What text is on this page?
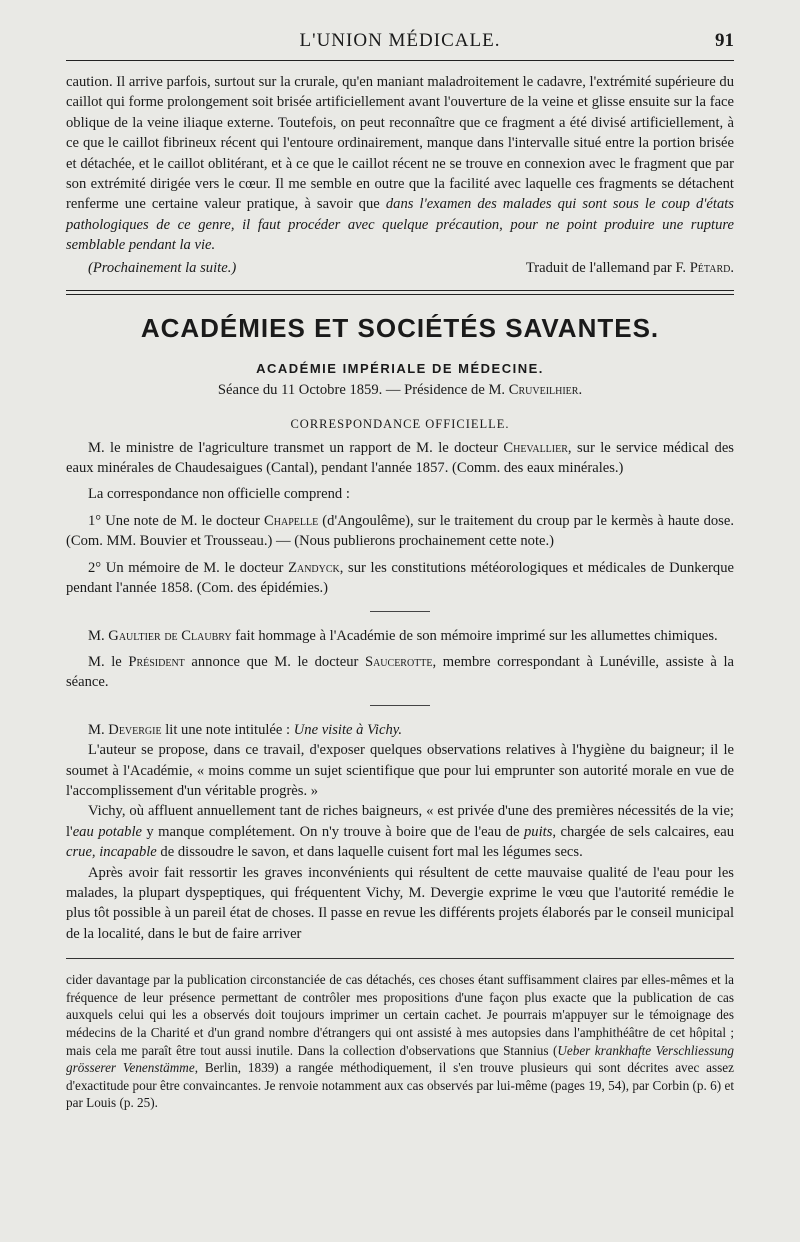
L'UNION MÉDICALE.	91

caution. Il arrive parfois, surtout sur la crurale, qu'en maniant maladroitement le cadavre, l'extrémité supérieure du caillot qui forme prolongement soit brisée artificiellement avant l'ouverture de la veine et glisse ensuite sur la face oblique de la veine iliaque externe. Toutefois, on peut reconnaître que ce fragment a été divisé artificiellement, à ce que le caillot fibrineux récent qui l'entoure ordinairement, manque dans l'intervalle situé entre la portion brisée et détachée, et le caillot oblitérant, et à ce que le caillot récent ne se trouve en connexion avec le fragment que par son extrémité dirigée vers le cœur. Il me semble en outre que la facilité avec laquelle ces fragments se détachent renferme une certaine valeur pratique, à savoir que dans l'examen des malades qui sont sous le coup d'états pathologiques de ce genre, il faut procéder avec quelque précaution, pour ne point produire une rupture semblable pendant la vie.

(Prochainement la suite.)	Traduit de l'allemand par F. Pétard.
ACADÉMIES ET SOCIÉTÉS SAVANTES.
ACADÉMIE IMPÉRIALE DE MÉDECINE.
Séance du 11 Octobre 1859. — Présidence de M. Cruveilhier.
CORRESPONDANCE OFFICIELLE.

M. le ministre de l'agriculture transmet un rapport de M. le docteur Chevallier, sur le service médical des eaux minérales de Chaudesaigues (Cantal), pendant l'année 1857. (Comm. des eaux minérales.)

La correspondance non officielle comprend :

1° Une note de M. le docteur Chapelle (d'Angoulême), sur le traitement du croup par le kermès à haute dose. (Com. MM. Bouvier et Trousseau.) — (Nous publierons prochainement cette note.)

2° Un mémoire de M. le docteur Zandyck, sur les constitutions météorologiques et médicales de Dunkerque pendant l'année 1858. (Com. des épidémies.)

M. Gaultier de Claubry fait hommage à l'Académie de son mémoire imprimé sur les allumettes chimiques.

M. le Président annonce que M. le docteur Saucerotte, membre correspondant à Lunéville, assiste à la séance.

M. Devergie lit une note intitulée : Une visite à Vichy.

L'auteur se propose, dans ce travail, d'exposer quelques observations relatives à l'hygiène du baigneur; il le soumet à l'Académie, « moins comme un sujet scientifique que pour lui emprunter son autorité morale en vue de l'accomplissement d'un véritable progrès. »

Vichy, où affluent annuellement tant de riches baigneurs, « est privée d'une des premières nécessités de la vie; l'eau potable y manque complétement. On n'y trouve à boire que de l'eau de puits, chargée de sels calcaires, eau crue, incapable de dissoudre le savon, et dans laquelle cuisent fort mal les légumes secs.

Après avoir fait ressortir les graves inconvénients qui résultent de cette mauvaise qualité de l'eau pour les malades, la plupart dyspeptiques, qui fréquentent Vichy, M. Devergie exprime le vœu que l'autorité remédie le plus tôt possible à un pareil état de choses. Il passe en revue les différents projets élaborés par le conseil municipal de la localité, dans le but de faire arriver

cider davantage par la publication circonstanciée de cas détachés, ces choses étant suffisamment claires par elles-mêmes et la fréquence de leur présence permettant de contrôler mes propositions d'une façon plus exacte que la publication de cas auxquels celui qui les a observés doit toujours imprimer un certain cachet. Je pourrais m'appuyer sur le témoignage des médecins de la Charité et d'un grand nombre d'étrangers qui ont assisté à mes autopsies dans l'amphithéâtre de cet hôpital ; mais cela me paraît être tout aussi inutile. Dans la collection d'observations que Stannius (Ueber krankhafte Verschliessung grösserer Venenstämme, Berlin, 1839) a rangée méthodiquement, il s'en trouve plusieurs qui sont décrites avec assez d'exactitude pour être convaincantes. Je renvoie notamment aux cas observés par lui-même (pages 19, 54), par Corbin (p. 6) et par Louis (p. 25).
